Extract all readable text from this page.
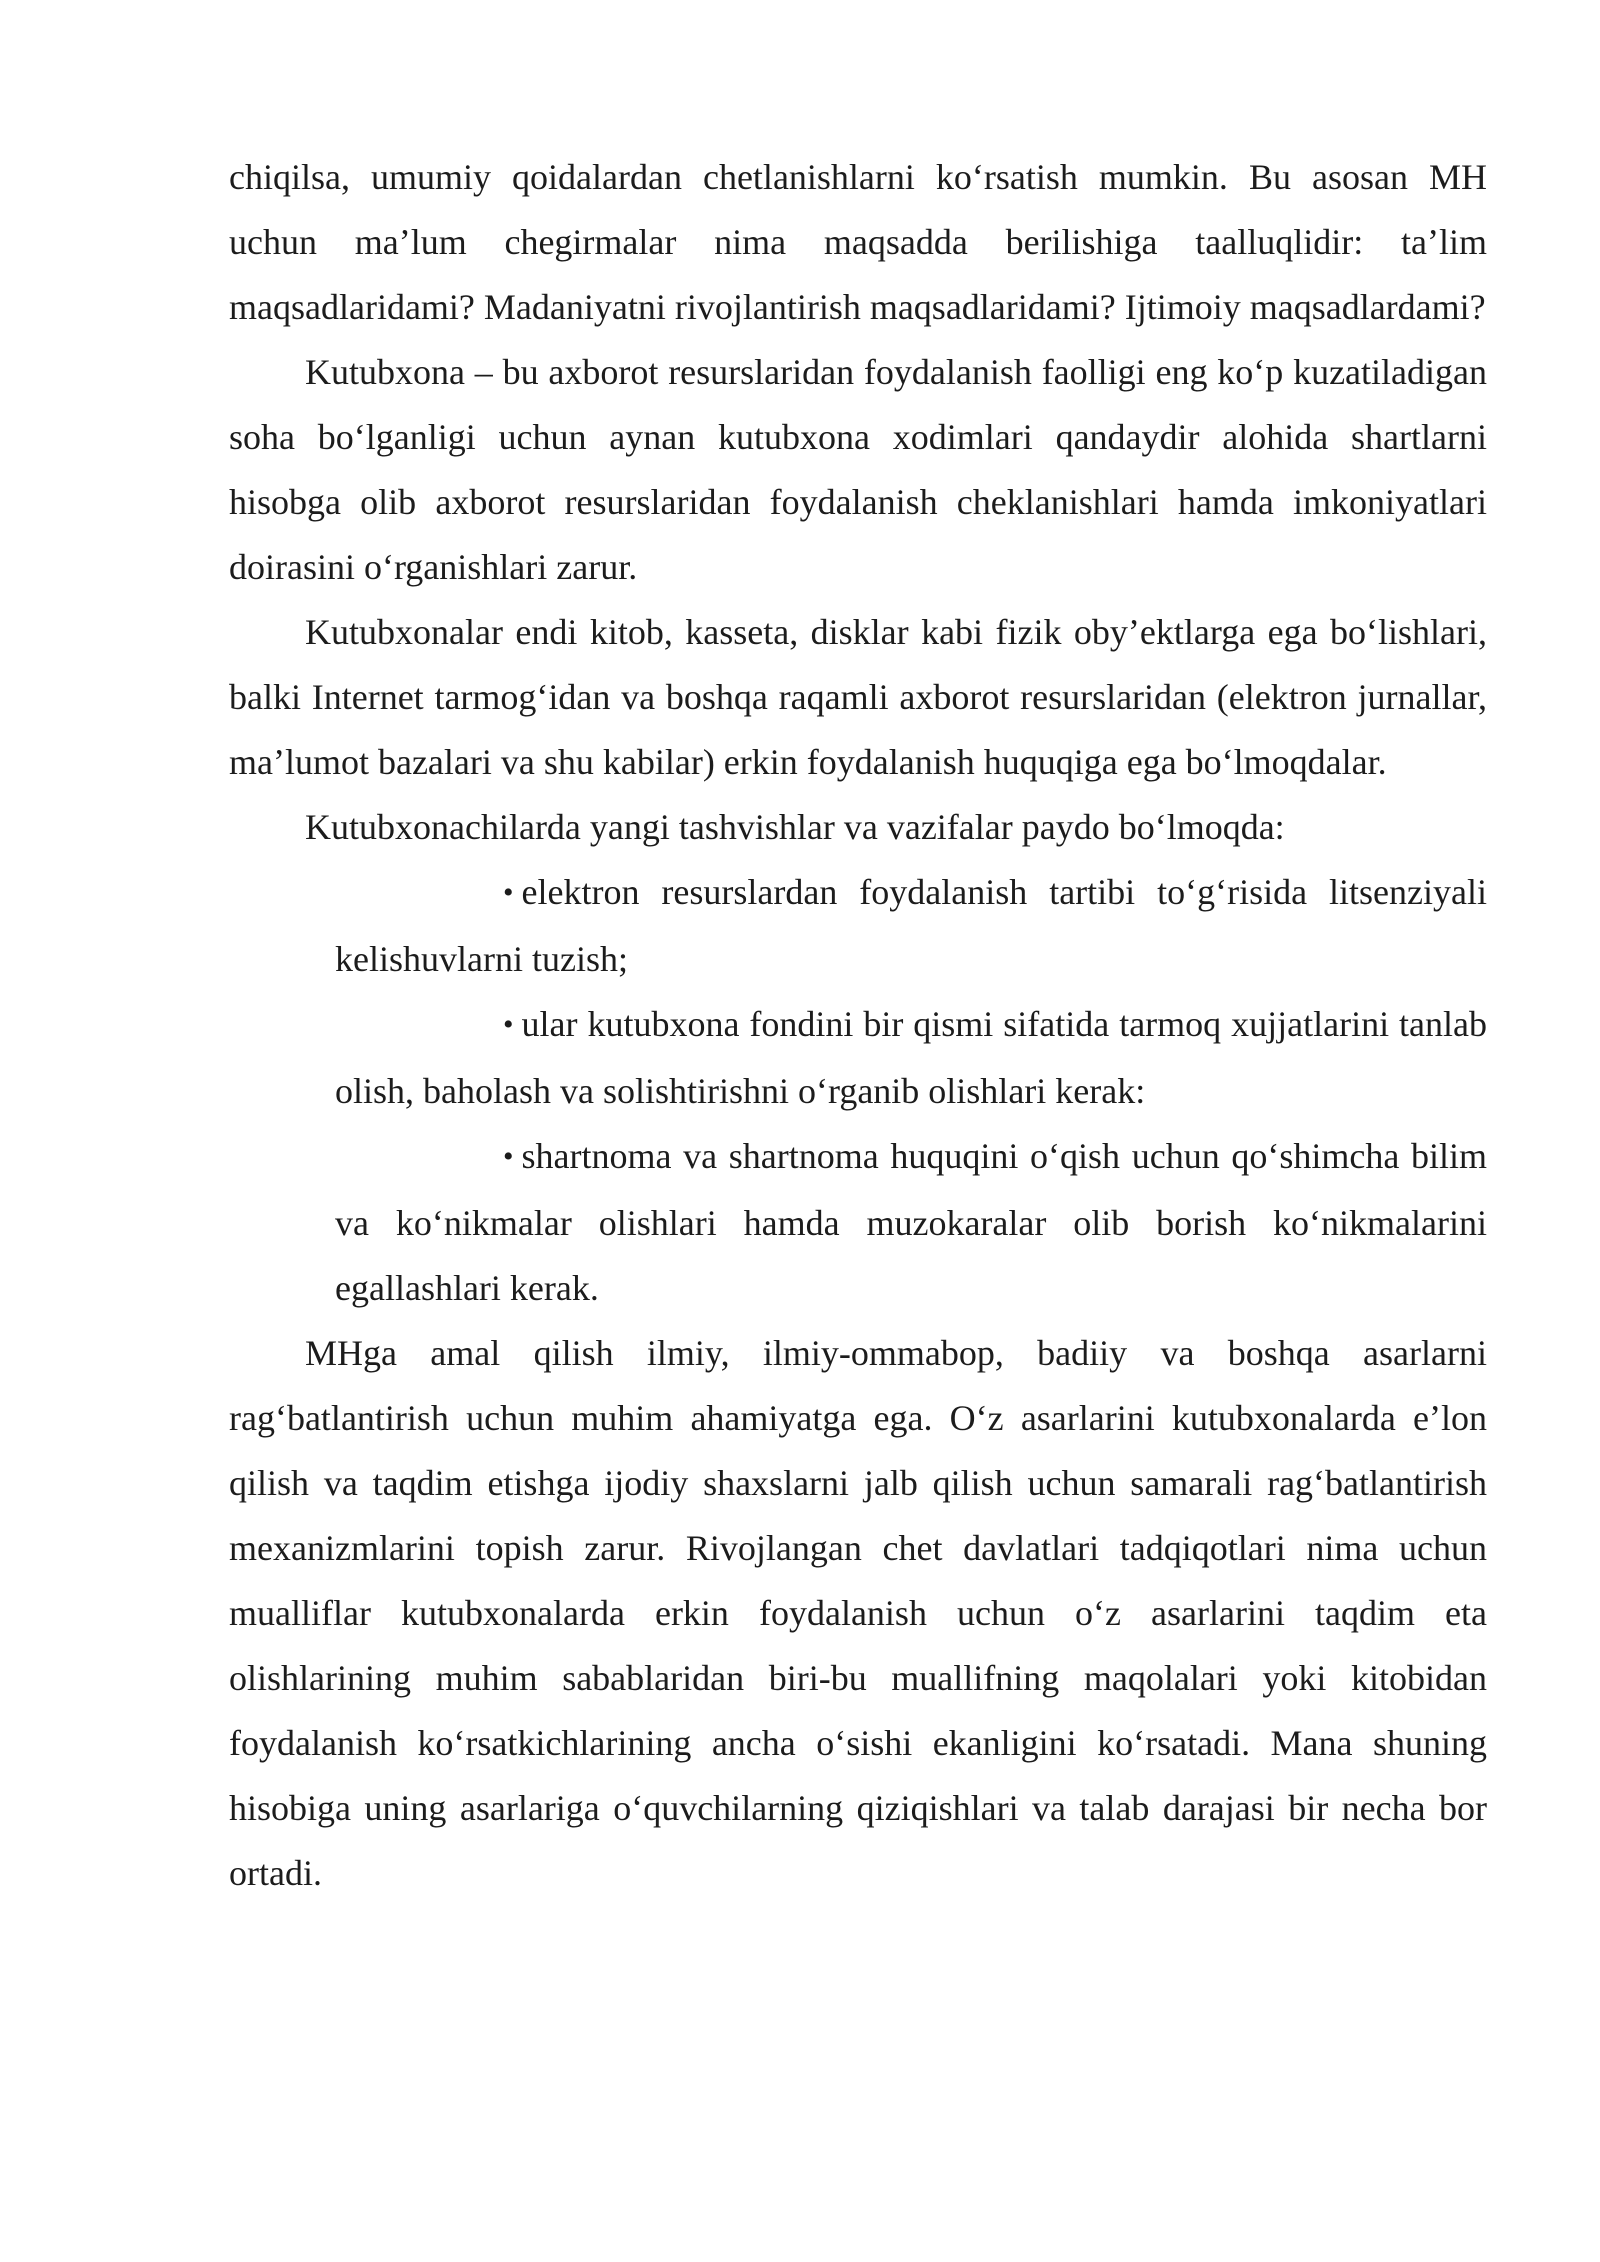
chiqilsa, umumiy qoidalardan chetlanishlarni koʻrsatish mumkin. Bu asosan MH uchun maʼlum chegirmalar nima maqsadda berilishiga taalluqlidir: taʼlim maqsadlaridami? Madaniyatni rivojlantirish maqsadlaridami? Ijtimoiy maqsadlardami?

Kutubxona – bu axborot resurslaridan foydalanish faolligi eng koʻp kuzatiladigan soha boʻlganligi uchun aynan kutubxona xodimlari qandaydir alohida shartlarni hisobga olib axborot resurslaridan foydalanish cheklanishlari hamda imkoniyatlari doirasini oʻrganishlari zarur.

Kutubxonalar endi kitob, kasseta, disklar kabi fizik obyʼektlarga ega boʻlishlari, balki Internet tarmogʻidan va boshqa raqamli axborot resurslaridan (elektron jurnallar, maʼlumot bazalari va shu kabilar) erkin foydalanish huquqiga ega boʻlmoqdalar.

Kutubxonachilarda yangi tashvishlar va vazifalar paydo boʻlmoqda:

• elektron resurslardan foydalanish tartibi toʻgʻrisida litsenziyali kelishuvlarni tuzish;

• ular kutubxona fondini bir qismi sifatida tarmoq xujjatlarini tanlab olish, baholash va solishtirishni oʻrganib olishlari kerak:

• shartnoma va shartnoma huquqini oʻqish uchun qoʻshimcha bilim va koʻnikmalar olishlari hamda muzokaralar olib borish koʻnikmalarini egallashlari kerak.

MHga amal qilish ilmiy, ilmiy-ommabop, badiiy va boshqa asarlarni ragʻbatlantirish uchun muhim ahamiyatga ega. Oʻz asarlarini kutubxonalarda eʼlon qilish va taqdim etishga ijodiy shaxslarni jalb qilish uchun samarali ragʻbatlantirish mexanizmlarini topish zarur. Rivojlangan chet davlatlari tadqiqotlari nima uchun mualliflar kutubxonalarda erkin foydalanish uchun oʻz asarlarini taqdim eta olishlarining muhim sabablaridan biri-bu muallifning maqolalari yoki kitobidan foydalanish koʻrsatkichlarining ancha oʻsishi ekanligini koʻrsatadi. Mana shuning hisobiga uning asarlariga oʻquvchilarning qiziqishlari va talab darajasi bir necha bor ortadi.
